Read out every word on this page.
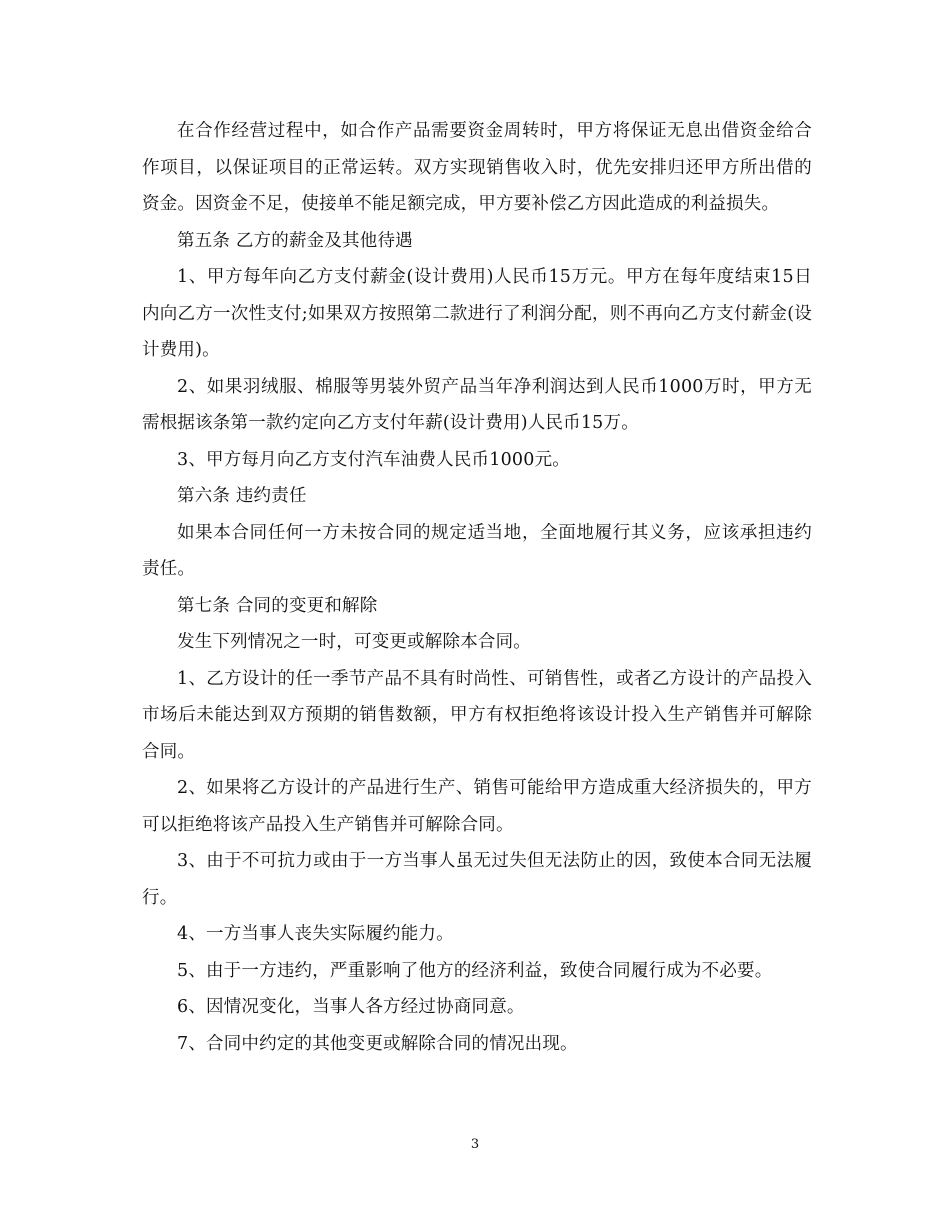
在合作经营过程中，如合作产品需要资金周转时，甲方将保证无息出借资金给合作项目，以保证项目的正常运转。双方实现销售收入时，优先安排归还甲方所出借的资金。因资金不足，使接单不能足额完成，甲方要补偿乙方因此造成的利益损失。

第五条 乙方的薪金及其他待遇

1、甲方每年向乙方支付薪金(设计费用)人民币15万元。甲方在每年度结束15日内向乙方一次性支付;如果双方按照第二款进行了利润分配，则不再向乙方支付薪金(设计费用)。

2、如果羽绒服、棉服等男装外贸产品当年净利润达到人民币1000万时，甲方无需根据该条第一款约定向乙方支付年薪(设计费用)人民币15万。

3、甲方每月向乙方支付汽车油费人民币1000元。

第六条 违约责任

如果本合同任何一方未按合同的规定适当地，全面地履行其义务，应该承担违约责任。

第七条 合同的变更和解除

发生下列情况之一时，可变更或解除本合同。

1、乙方设计的任一季节产品不具有时尚性、可销售性，或者乙方设计的产品投入市场后未能达到双方预期的销售数额，甲方有权拒绝将该设计投入生产销售并可解除合同。

2、如果将乙方设计的产品进行生产、销售可能给甲方造成重大经济损失的，甲方可以拒绝将该产品投入生产销售并可解除合同。

3、由于不可抗力或由于一方当事人虽无过失但无法防止的因，致使本合同无法履行。

4、一方当事人丧失实际履约能力。

5、由于一方违约，严重影响了他方的经济利益，致使合同履行成为不必要。

6、因情况变化，当事人各方经过协商同意。

7、合同中约定的其他变更或解除合同的情况出现。

3
